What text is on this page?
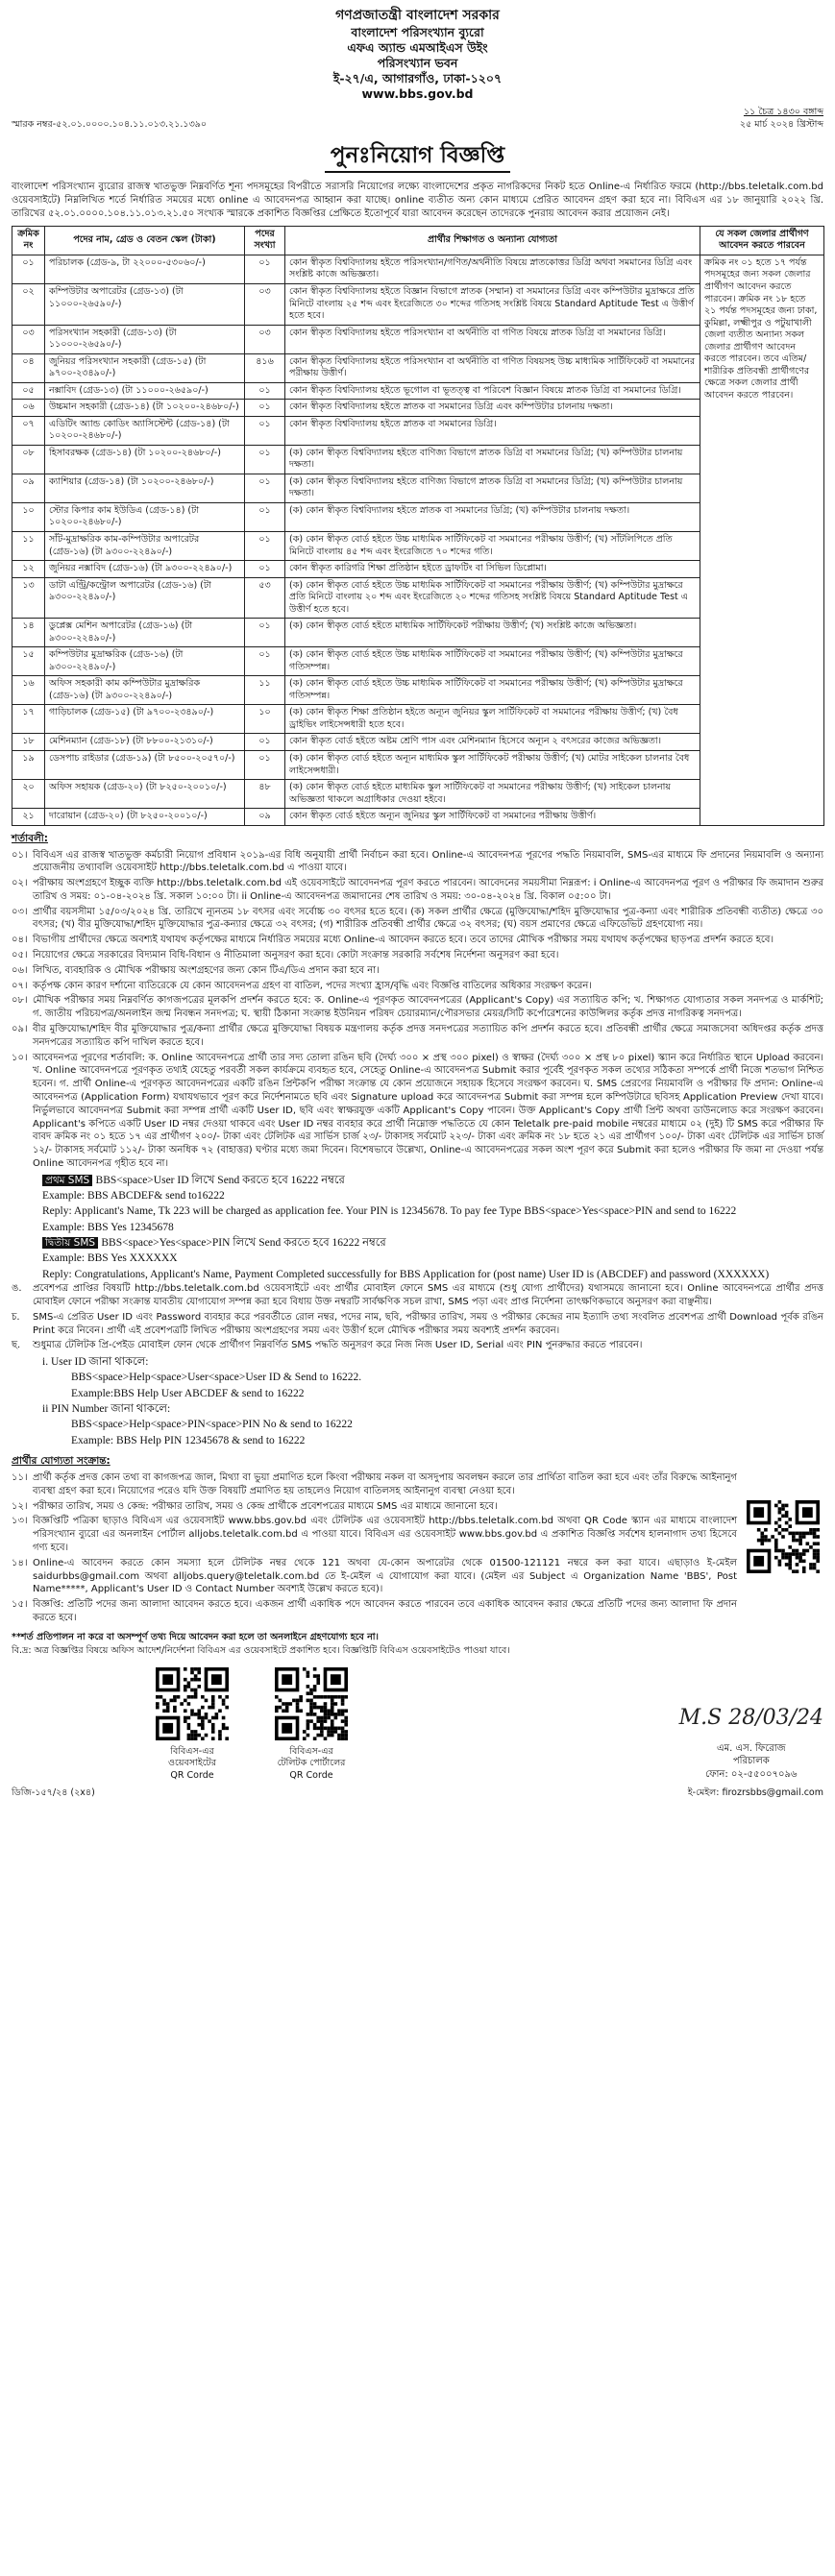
গণপ্রজাতন্ত্রী বাংলাদেশ সরকার
বাংলাদেশ পরিসংখ্যান ব্যুরো
এফএ অ্যান্ড এমআইএস উইং
পরিসংখ্যান ভবন
ই-২৭/এ, আগারগাঁও, ঢাকা-১২০৭
www.bbs.gov.bd
স্মারক নম্বর-৫২.০১.০০০০.১০৪.১১.০১৩.২১.১৩৯০
১১ চৈত্র ১৪৩০ বঙ্গাব্দ
২৫ মার্চ ২০২৪ খ্রিস্টাব্দ
পুনঃনিয়োগ বিজ্ঞপ্তি

বাংলাদেশ পরিসংখ্যান ব্যুরোর রাজস্ব খাতভুক্ত নিম্নবর্ণিত শূন্য পদসমূহের বিপরীতে সরাসরি নিয়োগের লক্ষ্যে বাংলাদেশের প্রকৃত নাগরিকদের নিকট হতে Online-এ নির্ধারিত ফরমে (http://bbs.teletalk.com.bd ওয়েবসাইটে) নিম্নলিখিত শর্তে নির্ধারিত সময়ের মধ্যে online এ আবেদনপত্র আহ্বান করা যাচ্ছে। online ব্যতীত অন্য কোন মাধ্যমে প্রেরিত আবেদন গ্রহণ করা হবে না। বিবিএস এর ১৮ জানুয়ারি ২০২২ খ্রি. তারিখের ৫২.০১.০০০০.১০৪.১১.০১৩.২১.৫০ সংখ্যক স্মারকে প্রকাশিত বিজ্ঞপ্তির প্রেক্ষিতে ইতোপূর্বে যারা আবেদন করেছেন তাদেরকে পুনরায় আবেদন করার প্রয়োজন নেই।

ক্রমিক নং	পদের নাম, গ্রেড ও বেতন স্কেল (টাকা)	পদের সংখ্যা	প্রার্থীর শিক্ষাগত ও অন্যান্য যোগ্যতা	যে সকল জেলার প্রার্থীগণ আবেদন করতে পারবেন
০১	পরিচালক (গ্রেড-৯, টা ২২০০০-৫৩০৬০/-)	০১	কোন স্বীকৃত বিশ্ববিদ্যালয় হইতে পরিসংখ্যান/গণিত/অর্থনীতি বিষয়ে স্নাতকোত্তর ডিগ্রি অথবা সমমানের ডিগ্রি এবং সংশ্লিষ্ট কাজে অভিজ্ঞতা।	ক্রমিক নং ০১ হতে ১৭ পর্যন্ত পদসমূহের জন্য সকল জেলার প্রার্থীগণ আবেদন করতে পারবেন। ক্রমিক নং ১৮ হতে ২১ পর্যন্ত পদসমূহের জন্য ঢাকা, কুমিল্লা, লক্ষ্মীপুর ও পটুয়াখালী জেলা ব্যতীত অন্যান্য সকল জেলার প্রার্থীগণ আবেদন করতে পারবেন। তবে এতিম/ শারীরিক প্রতিবন্ধী প্রার্থীগণের ক্ষেত্রে সকল জেলার প্রার্থী আবেদন করতে পারবেন।
০২	কম্পিউটার অপারেটর (গ্রেড-১৩) (টা ১১০০০-২৬৫৯০/-)	০৩	কোন স্বীকৃত বিশ্ববিদ্যালয় হইতে বিজ্ঞান বিভাগে স্নাতক (সম্মান) বা সমমানের ডিগ্রি এবং কম্পিউটার মুদ্রাক্ষরে প্রতি মিনিটে বাংলায় ২৫ শব্দ এবং ইংরেজিতে ৩০ শব্দের গতিসহ সংশ্লিষ্ট বিষয়ে Standard Aptitude Test এ উত্তীর্ণ হতে হবে।	
০৩	পরিসংখ্যান সহকারী (গ্রেড-১৩) (টা ১১০০০-২৬৫৯০/-)	০৩	কোন স্বীকৃত বিশ্ববিদ্যালয় হইতে পরিসংখ্যান বা অর্থনীতি বা গণিত বিষয়ে স্নাতক ডিগ্রি বা সমমানের ডিগ্রি।	
০৪	জুনিয়র পরিসংখ্যান সহকারী (গ্রেড-১৫) (টা ৯৭০০-২৩৪৯০/-)	৪১৬	কোন স্বীকৃত বিশ্ববিদ্যালয় হইতে পরিসংখ্যান বা অর্থনীতি বা গণিত বিষয়সহ উচ্চ মাধ্যমিক সার্টিফিকেট বা সমমানের পরীক্ষায় উত্তীর্ণ।	
০৫	নক্সাবিদ (গ্রেড-১৩) (টা ১১০০০-২৬৫৯০/-)	০১	কোন স্বীকৃত বিশ্ববিদ্যালয় হইতে ভূগোল বা ভূতত্ত্ব বা পরিবেশ বিজ্ঞান বিষয়ে স্নাতক ডিগ্রি বা সমমানের ডিগ্রি।	
০৬	উচ্চমান সহকারী (গ্রেড-১৪) (টা ১০২০০-২৪৬৮০/-)	০১	কোন স্বীকৃত বিশ্ববিদ্যালয় হইতে স্নাতক বা সমমানের ডিগ্রি এবং কম্পিউটার চালনায় দক্ষতা।	
০৭	এডিটিং অ্যান্ড কোডিং অ্যাসিস্টেন্ট (গ্রেড-১৪) (টা ১০২০০-২৪৬৮০/-)	০১	কোন স্বীকৃত বিশ্ববিদ্যালয় হইতে স্নাতক বা সমমানের ডিগ্রি।	
০৮	হিসাবরক্ষক (গ্রেড-১৪) (টা ১০২০০-২৪৬৮০/-)	০১	(ক) কোন স্বীকৃত বিশ্ববিদ্যালয় হইতে বাণিজ্য বিভাগে স্নাতক ডিগ্রি বা সমমানের ডিগ্রি; (খ) কম্পিউটার চালনায় দক্ষতা।	
০৯	ক্যাশিয়ার (গ্রেড-১৪) (টা ১০২০০-২৪৬৮০/-)	০১	(ক) কোন স্বীকৃত বিশ্ববিদ্যালয় হইতে বাণিজ্য বিভাগে স্নাতক ডিগ্রি বা সমমানের ডিগ্রি; (খ) কম্পিউটার চালনায় দক্ষতা।	
১০	স্টোর কিপার কাম ইউডিএ (গ্রেড-১৪) (টা ১০২০০-২৪৬৮০/-)	০১	(ক) কোন স্বীকৃত বিশ্ববিদ্যালয় হইতে স্নাতক বা সমমানের ডিগ্রি; (খ) কম্পিউটার চালনায় দক্ষতা।	
১১	সাঁট-মুদ্রাক্ষরিক কাম-কম্পিউটার অপারেটর (গ্রেড-১৬) (টা ৯৩০০-২২৪৯০/-)	০১	(ক) কোন স্বীকৃত বোর্ড হইতে উচ্চ মাধ্যমিক সার্টিফিকেট বা সমমানের পরীক্ষায় উত্তীর্ণ; (খ) সাঁটলিপিতে প্রতি মিনিটে বাংলায় ৪৫ শব্দ এবং ইংরেজিতে ৭০ শব্দের গতি।	
১২	জুনিয়র নক্সাবিদ (গ্রেড-১৬) (টা ৯৩০০-২২৪৯০/-)	০১	কোন স্বীকৃত কারিগরি শিক্ষা প্রতিষ্ঠান হইতে ড্রাফটিং বা সিভিল ডিপ্লোমা।	
১৩	ডাটা এন্ট্রি/কন্ট্রোল অপারেটর (গ্রেড-১৬) (টা ৯৩০০-২২৪৯০/-)	৫৩	(ক) কোন স্বীকৃত বোর্ড হইতে উচ্চ মাধ্যমিক সার্টিফিকেট বা সমমানের পরীক্ষায় উত্তীর্ণ; (খ) কম্পিউটার মুদ্রাক্ষরে প্রতি মিনিটে বাংলায় ২০ শব্দ এবং ইংরেজিতে ২০ শব্দের গতিসহ সংশ্লিষ্ট বিষয়ে Standard Aptitude Test এ উত্তীর্ণ হতে হবে।	
১৪	ডুপ্লেক্স মেশিন অপারেটর (গ্রেড-১৬) (টা ৯৩০০-২২৪৯০/-)	০১	(ক) কোন স্বীকৃত বোর্ড হইতে মাধ্যমিক সার্টিফিকেট পরীক্ষায় উত্তীর্ণ; (খ) সংশ্লিষ্ট কাজে অভিজ্ঞতা।	
১৫	কম্পিউটার মুদ্রাক্ষরিক (গ্রেড-১৬) (টা ৯৩০০-২২৪৯০/-)	০১	(ক) কোন স্বীকৃত বোর্ড হইতে উচ্চ মাধ্যমিক সার্টিফিকেট বা সমমানের পরীক্ষায় উত্তীর্ণ; (খ) কম্পিউটার মুদ্রাক্ষরে গতিসম্পন্ন।	
১৬	অফিস সহকারী কাম কম্পিউটার মুদ্রাক্ষরিক (গ্রেড-১৬) (টা ৯৩০০-২২৪৯০/-)	১১	(ক) কোন স্বীকৃত বোর্ড হইতে উচ্চ মাধ্যমিক সার্টিফিকেট বা সমমানের পরীক্ষায় উত্তীর্ণ; (খ) কম্পিউটার মুদ্রাক্ষরে গতিসম্পন্ন।	
১৭	গাড়িচালক (গ্রেড-১৫) (টা ৯৭০০-২৩৪৯০/-)	১০	(ক) কোন স্বীকৃত শিক্ষা প্রতিষ্ঠান হইতে অন্যূন জুনিয়র স্কুল সার্টিফিকেট বা সমমানের পরীক্ষায় উত্তীর্ণ; (খ) বৈধ ড্রাইভিং লাইসেন্সধারী হতে হবে।	
১৮	মেশিনম্যান (গ্রেড-১৮) (টা ৮৮০০-২১৩১০/-)	০১	কোন স্বীকৃত বোর্ড হইতে অষ্টম শ্রেণি পাস এবং মেশিনম্যান হিসেবে অন্যূন ২ বৎসরের কাজের অভিজ্ঞতা।	
১৯	ডেসপাচ রাইডার (গ্রেড-১৯) (টা ৮৫০০-২০৫৭০/-)	০১	(ক) কোন স্বীকৃত বোর্ড হইতে অন্যূন মাধ্যমিক স্কুল সার্টিফিকেট পরীক্ষায় উত্তীর্ণ; (খ) মোটর সাইকেল চালনার বৈধ লাইসেন্সধারী।	
২০	অফিস সহায়ক (গ্রেড-২০) (টা ৮২৫০-২০০১০/-)	৪৮	(ক) কোন স্বীকৃত বোর্ড হইতে মাধ্যমিক স্কুল সার্টিফিকেট বা সমমানের পরীক্ষায় উত্তীর্ণ; (খ) সাইকেল চালনায় অভিজ্ঞতা থাকলে অগ্রাধিকার দেওয়া হইবে।	
২১	দারোয়ান (গ্রেড-২০) (টা ৮২৫০-২০০১০/-)	০৯	কোন স্বীকৃত বোর্ড হইতে অন্যূন জুনিয়র স্কুল সার্টিফিকেট বা সমমানের পরীক্ষায় উত্তীর্ণ।	
শর্তাবলী:
০১। বিবিএস এর রাজস্ব খাতভুক্ত কর্মচারী নিয়োগ প্রবিধান ২০১৯-এর বিধি অনুযায়ী প্রার্থী নির্বাচন করা হবে। Online-এ আবেদনপত্র পূরণের পদ্ধতি নিয়মাবলি, SMS-এর মাধ্যমে ফি প্রদানের নিয়মাবলি ও অন্যান্য প্রয়োজনীয় তথ্যাবলি ওয়েবসাইট http://bbs.teletalk.com.bd এ পাওয়া যাবে।
০২। পরীক্ষায় অংশগ্রহণে ইচ্ছুক ব্যক্তি http://bbs.teletalk.com.bd এই ওয়েবসাইটে আবেদনপত্র পূরণ করতে পারবেন। আবেদনের সময়সীমা নিম্নরূপ: i Online-এ আবেদনপত্র পূরণ ও পরীক্ষার ফি জমাদান শুরুর তারিখ ও সময়: ০১-০৪-২০২৪ খ্রি. সকাল ১০:০০ টা। ii Online-এ আবেদনপত্র জমাদানের শেষ তারিখ ও সময়: ৩০-০৪-২০২৪ খ্রি. বিকাল ০৫:০০ টা।
০৩। প্রার্থীর বয়সসীমা ১৫/০৩/২০২৪ খ্রি. তারিখে ন্যূনতম ১৮ বৎসর এবং সর্বোচ্চ ৩০ বৎসর হতে হবে। (ক) সকল প্রার্থীর ক্ষেত্রে (মুক্তিযোদ্ধা/শহিদ মুক্তিযোদ্ধার পুত্র-কন্যা এবং শারীরিক প্রতিবন্ধী ব্যতীত) ক্ষেত্রে ৩০ বৎসর; (খ) বীর মুক্তিযোদ্ধা/শহিদ মুক্তিযোদ্ধার পুত্র-কন্যার ক্ষেত্রে ৩২ বৎসর; (গ) শারীরিক প্রতিবন্ধী প্রার্থীর ক্ষেত্রে ৩২ বৎসর; (ঘ) বয়স প্রমাণের ক্ষেত্রে এফিডেভিট গ্রহণযোগ্য নয়।
০৪। বিভাগীয় প্রার্থীদের ক্ষেত্রে অবশ্যই যথাযথ কর্তৃপক্ষের মাধ্যমে নির্ধারিত সময়ের মধ্যে Online-এ আবেদন করতে হবে। তবে তাদের মৌখিক পরীক্ষার সময় যথাযথ কর্তৃপক্ষের ছাড়পত্র প্রদর্শন করতে হবে।
০৫। নিয়োগের ক্ষেত্রে সরকারের বিদ্যমান বিধি-বিধান ও নীতিমালা অনুসরণ করা হবে। কোটা সংক্রান্ত সরকারি সর্বশেষ নির্দেশনা অনুসরণ করা হবে।
০৬। লিখিত, ব্যবহারিক ও মৌখিক পরীক্ষায় অংশগ্রহণের জন্য কোন টিএ/ডিএ প্রদান করা হবে না।
০৭। কর্তৃপক্ষ কোন কারণ দর্শানো ব্যতিরেকে যে কোন আবেদনপত্র গ্রহণ বা বাতিল, পদের সংখ্যা হ্রাস/বৃদ্ধি এবং বিজ্ঞপ্তি বাতিলের অধিকার সংরক্ষণ করেন।
০৮। মৌখিক পরীক্ষার সময় নিম্নবর্ণিত কাগজপত্রের মূলকপি প্রদর্শন করতে হবে: ক. Online-এ পূরণকৃত আবেদনপত্রের (Applicant's Copy) এর সত্যায়িত কপি; খ. শিক্ষাগত যোগ্যতার সকল সনদপত্র ও মার্কশিট; গ. জাতীয় পরিচয়পত্র/অনলাইন জন্ম নিবন্ধন সনদপত্র; ঘ. স্থায়ী ঠিকানা সংক্রান্ত ইউনিয়ন পরিষদ চেয়ারম্যান/পৌরসভার মেয়র/সিটি কর্পোরেশনের কাউন্সিলর কর্তৃক প্রদত্ত নাগরিকত্ব সনদপত্র।
০৯। বীর মুক্তিযোদ্ধা/শহিদ বীর মুক্তিযোদ্ধার পুত্র/কন্যা প্রার্থীর ক্ষেত্রে মুক্তিযোদ্ধা বিষয়ক মন্ত্রণালয় কর্তৃক প্রদত্ত সনদপত্রের সত্যায়িত কপি প্রদর্শন করতে হবে। প্রতিবন্ধী প্রার্থীর ক্ষেত্রে সমাজসেবা অধিদপ্তর কর্তৃক প্রদত্ত সনদপত্রের সত্যায়িত কপি দাখিল করতে হবে।
১০। আবেদনপত্র পূরণের শর্তাবলি: ক. Online আবেদনপত্রে প্রার্থী তার সদ্য তোলা রঙিন ছবি (দৈর্ঘ্য ৩০০ × প্রস্থ ৩০০ pixel) ও স্বাক্ষর (দৈর্ঘ্য ৩০০ × প্রস্থ ৮০ pixel) স্ক্যান করে নির্ধারিত স্থানে Upload করবেন। খ. Online আবেদনপত্রে পূরণকৃত তথ্যই যেহেতু পরবর্তী সকল কার্যক্রমে ব্যবহৃত হবে, সেহেতু Online-এ আবেদনপত্র Submit করার পূর্বেই পূরণকৃত সকল তথ্যের সঠিকতা সম্পর্কে প্রার্থী নিজে শতভাগ নিশ্চিত হবেন। গ. প্রার্থী Online-এ পূরণকৃত আবেদনপত্রের একটি রঙিন প্রিন্টকপি পরীক্ষা সংক্রান্ত যে কোন প্রয়োজনে সহায়ক হিসেবে সংরক্ষণ করবেন। ঘ. SMS প্রেরণের নিয়মাবলি ও পরীক্ষার ফি প্রদান: Online-এ আবেদনপত্র (Application Form) যথাযথভাবে পূরণ করে নির্দেশনামতে ছবি এবং Signature upload করে আবেদনপত্র Submit করা সম্পন্ন হলে কম্পিউটারে ছবিসহ Application Preview দেখা যাবে। নির্ভুলভাবে আবেদনপত্র Submit করা সম্পন্ন প্রার্থী একটি User ID, ছবি এবং স্বাক্ষরযুক্ত একটি Applicant's Copy পাবেন। উক্ত Applicant's Copy প্রার্থী প্রিন্ট অথবা ডাউনলোড করে সংরক্ষণ করবেন। Applicant's কপিতে একটি User ID নম্বর দেওয়া থাকবে এবং User ID নম্বর ব্যবহার করে প্রার্থী নিম্নোক্ত পদ্ধতিতে যে কোন Teletalk pre-paid mobile নম্বরের মাধ্যমে ০২ (দুই) টি SMS করে পরীক্ষার ফি বাবদ ক্রমিক নং ০১ হতে ১৭ এর প্রার্থীগণ ২০০/- টাকা এবং টেলিটক এর সার্ভিস চার্জ ২৩/- টাকাসহ সর্বমোট ২২৩/- টাকা এবং ক্রমিক নং ১৮ হতে ২১ এর প্রার্থীগণ ১০০/- টাকা এবং টেলিটক এর সার্ভিস চার্জ ১২/- টাকাসহ সর্বমোট ১১২/- টাকা অনধিক ৭২ (বাহাত্তর) ঘণ্টার মধ্যে জমা দিবেন। বিশেষভাবে উল্লেখ্য, Online-এ আবেদনপত্রের সকল অংশ পূরণ করে Submit করা হলেও পরীক্ষার ফি জমা না দেওয়া পর্যন্ত Online আবেদনপত্র গৃহীত হবে না।
প্রথম SMS BBS<space>User ID লিখে Send করতে হবে 16222 নম্বরে
Example: BBS ABCDEF& send to16222
Reply: Applicant's Name, Tk 223 will be charged as application fee. Your PIN is 12345678. To pay fee Type BBS<space>Yes<space>PIN and send to 16222
Example: BBS Yes 12345678
দ্বিতীয় SMS BBS<space>Yes<space>PIN লিখে Send করতে হবে 16222 নম্বরে
Example: BBS Yes XXXXXX
Reply: Congratulations, Applicant's Name, Payment Completed successfully for BBS Application for (post name) User ID is (ABCDEF) and password (XXXXXX)
ঙ.	প্রবেশপত্র প্রাপ্তির বিষয়টি http://bbs.teletalk.com.bd ওয়েবসাইটে এবং প্রার্থীর মোবাইল ফোনে SMS এর মাধ্যমে (শুধু যোগ্য প্রার্থীদের) যথাসময়ে জানানো হবে। Online আবেদনপত্রে প্রার্থীর প্রদত্ত মোবাইল ফোনে পরীক্ষা সংক্রান্ত যাবতীয় যোগাযোগ সম্পন্ন করা হবে বিধায় উক্ত নম্বরটি সার্বক্ষণিক সচল রাখা, SMS পড়া এবং প্রাপ্ত নির্দেশনা তাৎক্ষণিকভাবে অনুসরণ করা বাঞ্ছনীয়।
চ.	SMS-এ প্রেরিত User ID এবং Password ব্যবহার করে পরবর্তীতে রোল নম্বর, পদের নাম, ছবি, পরীক্ষার তারিখ, সময় ও পরীক্ষার কেন্দ্রের নাম ইত্যাদি তথ্য সংবলিত প্রবেশপত্র প্রার্থী Download পূর্বক রঙিন Print করে নিবেন। প্রার্থী এই প্রবেশপত্রটি লিখিত পরীক্ষায় অংশগ্রহণের সময় এবং উত্তীর্ণ হলে মৌখিক পরীক্ষার সময় অবশ্যই প্রদর্শন করবেন।
ছ.	শুধুমাত্র টেলিটক প্রি-পেইড মোবাইল ফোন থেকে প্রার্থীগণ নিম্নবর্ণিত SMS পদ্ধতি অনুসরণ করে নিজ নিজ User ID, Serial এবং PIN পুনরুদ্ধার করতে পারবেন।
i. User ID জানা থাকলে:
BBS<space>Help<space>User<space>User ID & Send to 16222.
Example:BBS Help User ABCDEF & send to 16222
ii PIN Number জানা থাকলে:
BBS<space>Help<space>PIN<space>PIN No & send to 16222
Example: BBS Help PIN 12345678 & send to 16222
প্রার্থীর যোগ্যতা সংক্রান্ত:
১১। প্রার্থী কর্তৃক প্রদত্ত কোন তথ্য বা কাগজপত্র জাল, মিথ্যা বা ভুয়া প্রমাণিত হলে কিংবা পরীক্ষায় নকল বা অসদুপায় অবলম্বন করলে তার প্রার্থিতা বাতিল করা হবে এবং তাঁর বিরুদ্ধে আইনানুগ ব্যবস্থা গ্রহণ করা হবে। নিয়োগের পরেও যদি উক্ত বিষয়টি প্রমাণিত হয় তাহলেও নিয়োগ বাতিলসহ আইনানুগ ব্যবস্থা নেওয়া হবে।
১২। পরীক্ষার তারিখ, সময় ও কেন্দ্র: পরীক্ষার তারিখ, সময় ও কেন্দ্র প্রার্থীকে প্রবেশপত্রের মাধ্যমে SMS এর মাধ্যমে জানানো হবে।
১৩। বিজ্ঞপ্তিটি পত্রিকা ছাড়াও বিবিএস এর ওয়েবসাইট www.bbs.gov.bd এবং টেলিটক এর ওয়েবসাইট http://bbs.teletalk.com.bd অথবা QR Code স্ক্যান এর মাধ্যমে বাংলাদেশ পরিসংখ্যান ব্যুরো এর অনলাইন পোর্টাল alljobs.teletalk.com.bd এ পাওয়া যাবে। বিবিএস এর ওয়েবসাইট www.bbs.gov.bd এ প্রকাশিত বিজ্ঞপ্তি সর্বশেষ হালনাগাদ তথ্য হিসেবে গণ্য হবে।
১৪। Online-এ আবেদন করতে কোন সমস্যা হলে টেলিটক নম্বর থেকে 121 অথবা যে-কোন অপারেটর থেকে 01500-121121 নম্বরে কল করা যাবে। এছাড়াও ই-মেইল saidurbbs@gmail.com অথবা alljobs.query@teletalk.com.bd তে ই-মেইল এ যোগাযোগ করা যাবে। (মেইল এর Subject এ Organization Name 'BBS', Post Name*****, Applicant's User ID ও Contact Number অবশ্যই উল্লেখ করতে হবে)।
১৫। বিজ্ঞপ্তি: প্রতিটি পদের জন্য আলাদা আবেদন করতে হবে। একজন প্রার্থী একাধিক পদে আবেদন করতে পারবেন তবে একাধিক আবেদন করার ক্ষেত্রে প্রতিটি পদের জন্য আলাদা ফি প্রদান করতে হবে।
**শর্ত প্রতিপালন না করে বা অসম্পূর্ণ তথ্য দিয়ে আবেদন করা হলে তা অনলাইনে গ্রহণযোগ্য হবে না।
বি.দ্র: অত্র বিজ্ঞপ্তির বিষয়ে অফিস আদেশ/নির্দেশনা বিবিএস এর ওয়েবসাইটে প্রকাশিত হবে। বিজ্ঞপ্তিটি বিবিএস ওয়েবসাইটেও পাওয়া যাবে।
বিবিএস-এর
ওয়েবসাইটের
QR Corde
বিবিএস-এর
টেলিটক পোর্টালের
QR Corde
M.S 28/03/24
এম. এস. ফিরোজ
পরিচালক
ফোন: ০২-৫৫০০৭০৯৬
ডিজি-১৫৭/২৪ (২x৪)	ই-মেইল: firozrsbbs@gmail.com
